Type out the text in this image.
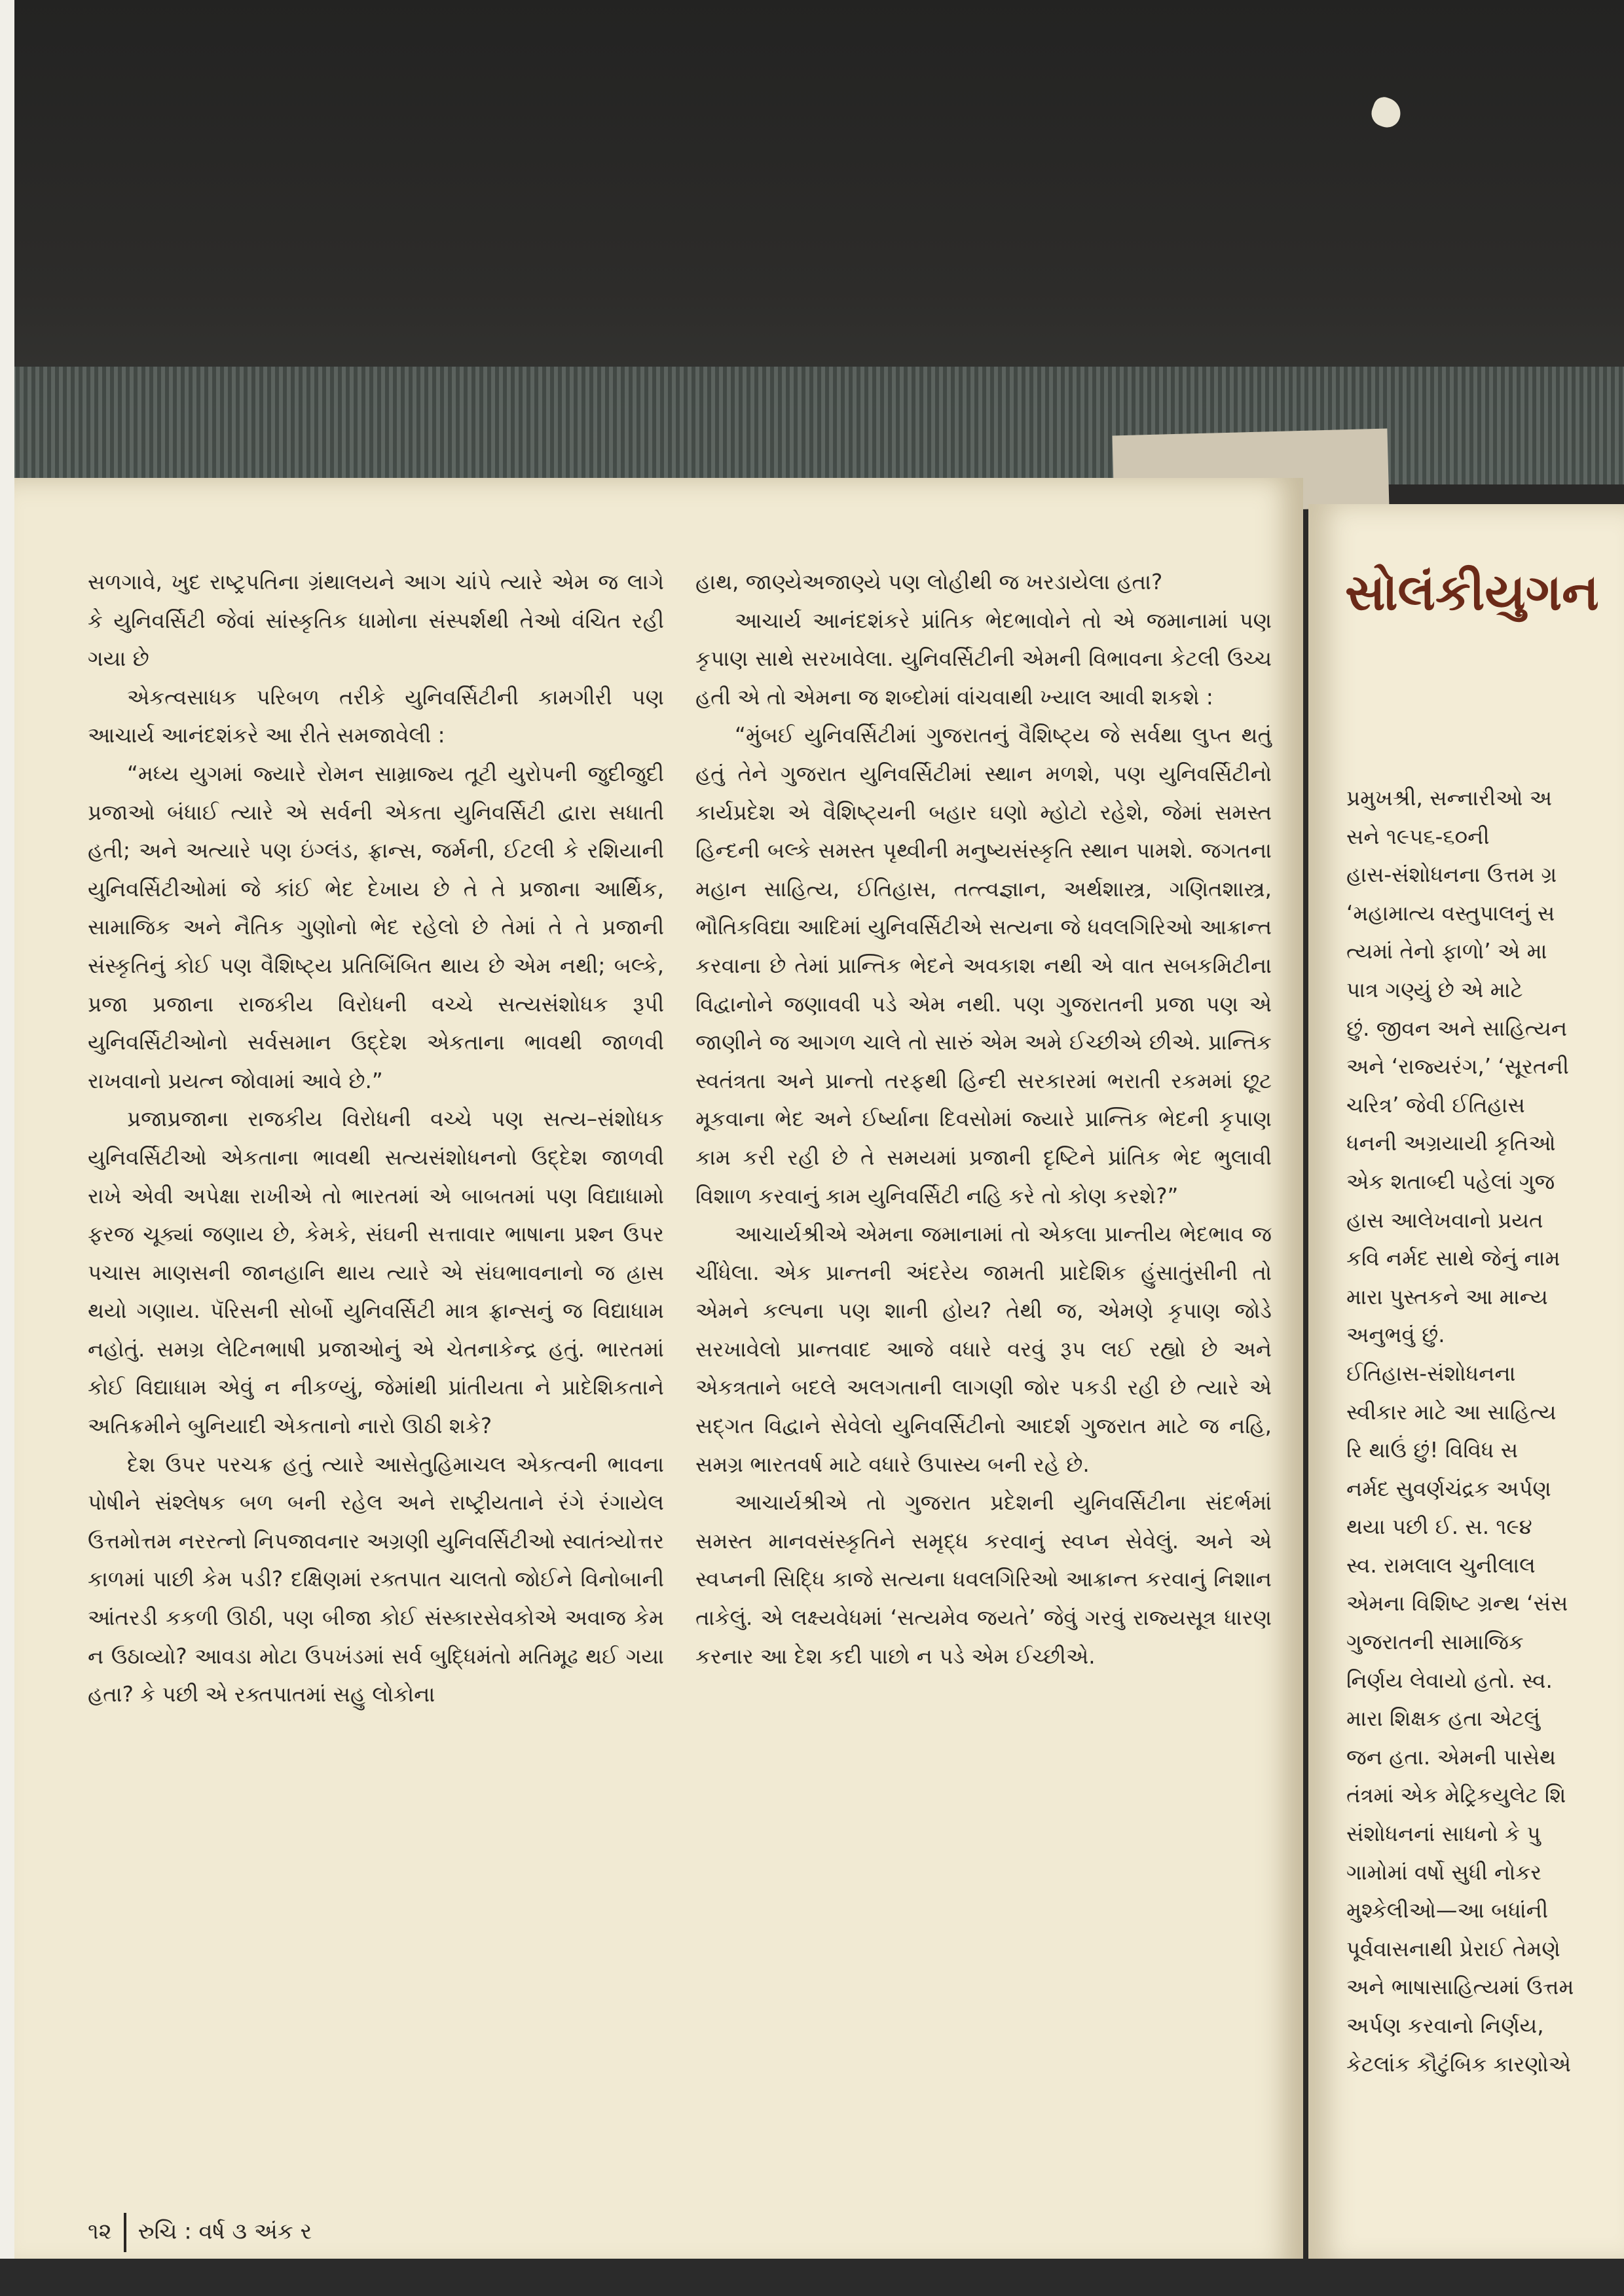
સળગાવે, ખુદ રાષ્ટ્રપતિના ગ્રંથાલયને આગ ચાંપે ત્યારે એમ જ લાગે કે યુનિવર્સિટી જેવાં સાંસ્કૃતિક ધામોના સંસ્પર્શથી તેઓ વંચિત રહી ગયા છે

એકત્વસાધક પરિબળ તરીકે યુનિવર્સિટીની કામગીરી પણ આચાર્ય આનંદશંકરે આ રીતે સમજાવેલી :

“મધ્ય યુગમાં જ્યારે રોમન સામ્રાજ્ય તૂટી યુરોપની જુદીજુદી પ્રજાઓ બંધાઈ ત્યારે એ સર્વની એકતા યુનિવર્સિટી દ્વારા સધાતી હતી; અને અત્યારે પણ ઇંગ્લંડ, ફ્રાન્સ, જર્મની, ઈટલી કે રશિયાની યુનિવર્સિટીઓમાં જે કાંઈ ભેદ દેખાય છે તે તે પ્રજાના આર્થિક, સામાજિક અને નૈતિક ગુણોનો ભેદ રહેલો છે તેમાં તે તે પ્રજાની સંસ્કૃતિનું કોઈ પણ વૈશિષ્ટ્ય પ્રતિબિંબિત થાય છે એમ નથી; બલ્કે, પ્રજા પ્રજાના રાજકીય વિરોધની વચ્ચે સત્યસંશોધક રૂપી યુનિવર્સિટીઓનો સર્વસમાન ઉદ્દેશ એકતાના ભાવથી જાળવી રાખવાનો પ્રયત્ન જોવામાં આવે છે.”

પ્રજાપ્રજાના રાજકીય વિરોધની વચ્ચે પણ સત્ય–સંશોધક યુનિવર્સિટીઓ એકતાના ભાવથી સત્યસંશોધનનો ઉદ્દેશ જાળવી રાખે એવી અપેક્ષા રાખીએ તો ભારતમાં એ બાબતમાં પણ વિદ્યાધામો ફરજ ચૂક્યાં જણાય છે, કેમકે, સંઘની સત્તાવાર ભાષાના પ્રશ્ન ઉપર પચાસ માણસની જાનહાનિ થાય ત્યારે એ સંઘભાવનાનો જ હ્રાસ થયો ગણાય. પૅરિસની સોર્બો યુનિવર્સિટી માત્ર ફ્રાન્સનું જ વિદ્યાધામ નહોતું. સમગ્ર લેટિનભાષી પ્રજાઓનું એ ચેતનાકેન્દ્ર હતું. ભારતમાં કોઈ વિદ્યાધામ એવું ન નીકળ્યું, જેમાંથી પ્રાંતીયતા ને પ્રાદેશિકતાને અતિક્રમીને બુનિયાદી એકતાનો નારો ઊઠી શકે?

દેશ ઉપર પરચક્ર હતું ત્યારે આસેતુહિમાચલ એકત્વની ભાવના પોષીને સંશ્લેષક બળ બની રહેલ અને રાષ્ટ્રીયતાને રંગે રંગાયેલ ઉત્તમોત્તમ નરરત્નો નિપજાવનાર અગ્રણી યુનિવર્સિટીઓ સ્વાતંત્ર્યોત્તર કાળમાં પાછી કેમ પડી? દક્ષિણમાં રક્તપાત ચાલતો જોઈને વિનોબાની આંતરડી કકળી ઊઠી, પણ બીજા કોઈ સંસ્કારસેવકોએ અવાજ કેમ ન ઉઠાવ્યો? આવડા મોટા ઉપખંડમાં સર્વ બુદ્ધિમંતો મતિમૂઢ થઈ ગયા હતા? કે પછી એ રક્તપાતમાં સહુ લોકોના

હાથ, જાણ્યેઅજાણ્યે પણ લોહીથી જ ખરડાયેલા હતા?

આચાર્ય આનંદશંકરે પ્રાંતિક ભેદભાવોને તો એ જમાનામાં પણ કૃપાણ સાથે સરખાવેલા. યુનિવર્સિટીની એમની વિભાવના કેટલી ઉચ્ચ હતી એ તો એમના જ શબ્દોમાં વાંચવાથી ખ્યાલ આવી શકશે :

“મુંબઈ યુનિવર્સિટીમાં ગુજરાતનું વૈશિષ્ટ્ય જે સર્વથા લુપ્ત થતું હતું તેને ગુજરાત યુનિવર્સિટીમાં સ્થાન મળશે, પણ યુનિવર્સિટીનો કાર્યપ્રદેશ એ વૈશિષ્ટ્યની બહાર ઘણો મ્હોટો રહેશે, જેમાં સમસ્ત હિન્દની બલ્કે સમસ્ત પૃથ્વીની મનુષ્યસંસ્કૃતિ સ્થાન પામશે. જગતના મહાન સાહિત્ય, ઈતિહાસ, તત્ત્વજ્ઞાન, અર્થશાસ્ત્ર, ગણિતશાસ્ત્ર, ભૌતિકવિદ્યા આદિમાં યુનિવર્સિટીએ સત્યના જે ધવલગિરિઓ આક્રાન્ત કરવાના છે તેમાં પ્રાન્તિક ભેદને અવકાશ નથી એ વાત સબકમિટીના વિદ્વાનોને જણાવવી પડે એમ નથી. પણ ગુજરાતની પ્રજા પણ એ જાણીને જ આગળ ચાલે તો સારું એમ અમે ઈચ્છીએ છીએ. પ્રાન્તિક સ્વતંત્રતા અને પ્રાન્તો તરફથી હિન્દી સરકારમાં ભરાતી રકમમાં છૂટ મૂકવાના ભેદ અને ઈર્ષ્યાના દિવસોમાં જ્યારે પ્રાન્તિક ભેદની કૃપાણ કામ કરી રહી છે તે સમયમાં પ્રજાની દૃષ્ટિને પ્રાંતિક ભેદ ભુલાવી વિશાળ કરવાનું કામ યુનિવર્સિટી નહિ કરે તો કોણ કરશે?”

આચાર્યશ્રીએ એમના જમાનામાં તો એકલા પ્રાન્તીય ભેદભાવ જ ચીંધેલા. એક પ્રાન્તની અંદરેય જામતી પ્રાદેશિક હુંસાતુંસીની તો એમને કલ્પના પણ શાની હોય? તેથી જ, એમણે કૃપાણ જોડે સરખાવેલો પ્રાન્તવાદ આજે વધારે વરવું રૂપ લઈ રહ્યો છે અને એકત્રતાને બદલે અલગતાની લાગણી જોર પકડી રહી છે ત્યારે એ સદ્ગત વિદ્વાને સેવેલો યુનિવર્સિટીનો આદર્શ ગુજરાત માટે જ નહિ, સમગ્ર ભારતવર્ષ માટે વધારે ઉપાસ્ય બની રહે છે.

આચાર્યશ્રીએ તો ગુજરાત પ્રદેશની યુનિવર્સિટીના સંદર્ભમાં સમસ્ત માનવસંસ્કૃતિને સમૃદ્ધ કરવાનું સ્વપ્ન સેવેલું. અને એ સ્વપ્નની સિદ્ધિ કાજે સત્યના ધવલગિરિઓ આક્રાન્ત કરવાનું નિશાન તાકેલું. એ લક્ષ્યવેધમાં ‘સત્યમેવ જયતે’ જેવું ગરવું રાજ્યસૂત્ર ધારણ કરનાર આ દેશ કદી પાછો ન પડે એમ ઈચ્છીએ.

૧૨ રુચિ : વર્ષ ૩ અંક ર
સોલંકીયુગન
પ્રમુખશ્રી, સન્નારીઓ અ
સને ૧૯૫૬-૬૦ની
હાસ-સંશોધનના ઉત્તમ ગ્ર
‘મહામાત્ય વસ્તુપાલનું સ
ત્યમાં તેનો ફાળો’ એ મા
પાત્ર ગણ્યું છે એ માટે
છું. જીવન અને સાહિત્યન
અને ‘રાજ્યરંગ,’ ‘સૂરતની
ચરિત્ર’ જેવી ઈતિહાસ
ધનની અગ્રયાયી કૃતિઓ
એક શતાબ્દી પહેલાં ગુજ
હાસ આલેખવાનો પ્રયત
કવિ નર્મદ સાથે જેનું નામ
મારા પુસ્તકને આ માન્ય
અનુભવું છું.
ઈતિહાસ-સંશોધનના
સ્વીકાર માટે આ સાહિત્ય
રિ થાઉં છું! વિવિધ સ
નર્મદ સુવર્ણચંદ્રક અર્પણ
થયા પછી ઈ. સ. ૧૯૪
સ્વ. રામલાલ ચુનીલાલ
એમના વિશિષ્ટ ગ્રન્થ ‘સંસ
ગુજરાતની સામાજિક
નિર્ણય લેવાયો હતો. સ્વ.
મારા શિક્ષક હતા એટલું
જન હતા. એમની પાસેથ
તંત્રમાં એક મેટ્રિકયુલેટ શિ
સંશોધનનાં સાધનો કે પુ
ગામોમાં વર્ષો સુધી નોકર
મુશ્કેલીઓ—આ બધાંની
પૂર્વવાસનાથી પ્રેરાઈ તેમણે
અને ભાષાસાહિત્યમાં ઉત્તમ
અર્પણ કરવાનો નિર્ણય,
કેટલાંક કૌટુંબિક કારણોએ
